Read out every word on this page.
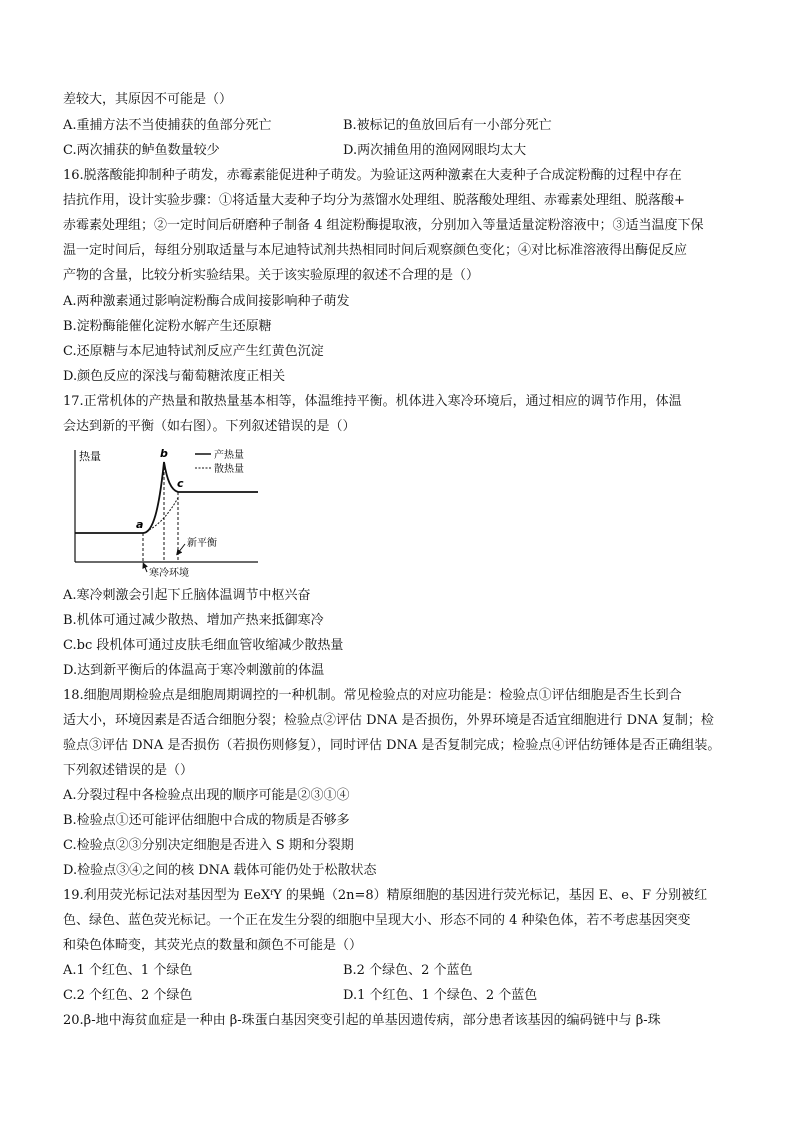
差较大，其原因不可能是（）
A.重捕方法不当使捕获的鱼部分死亡	B.被标记的鱼放回后有一小部分死亡
C.两次捕获的鲈鱼数量较少	D.两次捕鱼用的渔网网眼均太大
16.脱落酸能抑制种子萌发，赤霉素能促进种子萌发。为验证这两种激素在大麦种子合成淀粉酶的过程中存在
拮抗作用，设计实验步骤：①将适量大麦种子均分为蒸馏水处理组、脱落酸处理组、赤霉素处理组、脱落酸+
赤霉素处理组；②一定时间后研磨种子制备 4 组淀粉酶提取液，分别加入等量适量淀粉溶液中；③适当温度下保
温一定时间后，每组分别取适量与本尼迪特试剂共热相同时间后观察颜色变化；④对比标准溶液得出酶促反应
产物的含量，比较分析实验结果。关于该实验原理的叙述不合理的是（）
A.两种激素通过影响淀粉酶合成间接影响种子萌发
B.淀粉酶能催化淀粉水解产生还原糖
C.还原糖与本尼迪特试剂反应产生红黄色沉淀
D.颜色反应的深浅与葡萄糖浓度正相关
17.正常机体的产热量和散热量基本相等，体温维持平衡。机体进入寒冷环境后，通过相应的调节作用，体温
会达到新的平衡（如右图）。下列叙述错误的是（）
热量	产热量
散热量
a
b
c
新平衡
寒冷环境
A.寒冷刺激会引起下丘脑体温调节中枢兴奋
B.机体可通过减少散热、增加产热来抵御寒冷
C.bc 段机体可通过皮肤毛细血管收缩减少散热量
D.达到新平衡后的体温高于寒冷刺激前的体温
18.细胞周期检验点是细胞周期调控的一种机制。常见检验点的对应功能是：检验点①评估细胞是否生长到合
适大小，环境因素是否适合细胞分裂；检验点②评估 DNA 是否损伤，外界环境是否适宜细胞进行 DNA 复制；检
验点③评估 DNA 是否损伤（若损伤则修复），同时评估 DNA 是否复制完成；检验点④评估纺锤体是否正确组装。
下列叙述错误的是（）
A.分裂过程中各检验点出现的顺序可能是②③①④
B.检验点①还可能评估细胞中合成的物质是否够多
C.检验点②③分别决定细胞是否进入 S 期和分裂期
D.检验点③④之间的核 DNA 载体可能仍处于松散状态
19.利用荧光标记法对基因型为 EeXᶠY 的果蝇（2n=8）精原细胞的基因进行荧光标记，基因 E、e、F 分别被红
色、绿色、蓝色荧光标记。一个正在发生分裂的细胞中呈现大小、形态不同的 4 种染色体，若不考虑基因突变
和染色体畸变，其荧光点的数量和颜色不可能是（）
A.1 个红色、1 个绿色	B.2 个绿色、2 个蓝色
C.2 个红色、2 个绿色	D.1 个红色、1 个绿色、2 个蓝色
20.β-地中海贫血症是一种由 β-珠蛋白基因突变引起的单基因遗传病，部分患者该基因的编码链中与 β-珠
